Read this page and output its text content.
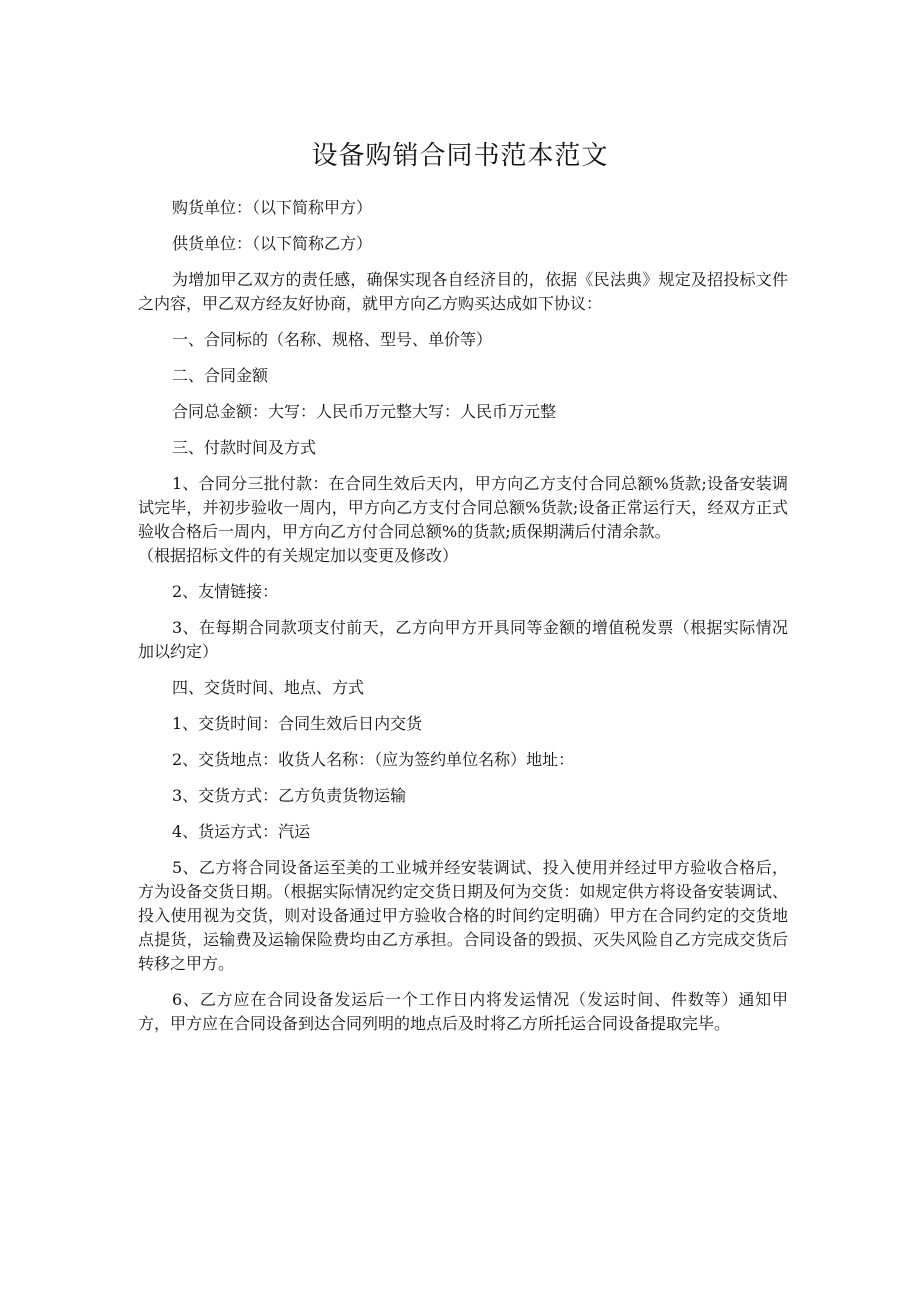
设备购销合同书范本范文

购货单位：（以下简称甲方）

供货单位：（以下简称乙方）

为增加甲乙双方的责任感，确保实现各自经济目的，依据《民法典》规定及招投标文件之内容，甲乙双方经友好协商，就甲方向乙方购买达成如下协议：

一、合同标的（名称、规格、型号、单价等）

二、合同金额

合同总金额：大写：人民币万元整大写：人民币万元整

三、付款时间及方式

1、合同分三批付款：在合同生效后天内，甲方向乙方支付合同总额%货款;设备安装调试完毕，并初步验收一周内，甲方向乙方支付合同总额%货款;设备正常运行天，经双方正式验收合格后一周内，甲方向乙方付合同总额%的货款;质保期满后付清余款。

（根据招标文件的有关规定加以变更及修改）

2、友情链接：

3、在每期合同款项支付前天，乙方向甲方开具同等金额的增值税发票（根据实际情况加以约定）

四、交货时间、地点、方式

1、交货时间：合同生效后日内交货

2、交货地点：收货人名称：（应为签约单位名称）地址：

3、交货方式：乙方负责货物运输

4、货运方式：汽运

5、乙方将合同设备运至美的工业城并经安装调试、投入使用并经过甲方验收合格后，方为设备交货日期。（根据实际情况约定交货日期及何为交货：如规定供方将设备安装调试、投入使用视为交货，则对设备通过甲方验收合格的时间约定明确）甲方在合同约定的交货地点提货，运输费及运输保险费均由乙方承担。合同设备的毁损、灭失风险自乙方完成交货后转移之甲方。

6、乙方应在合同设备发运后一个工作日内将发运情况（发运时间、件数等）通知甲方，甲方应在合同设备到达合同列明的地点后及时将乙方所托运合同设备提取完毕。
